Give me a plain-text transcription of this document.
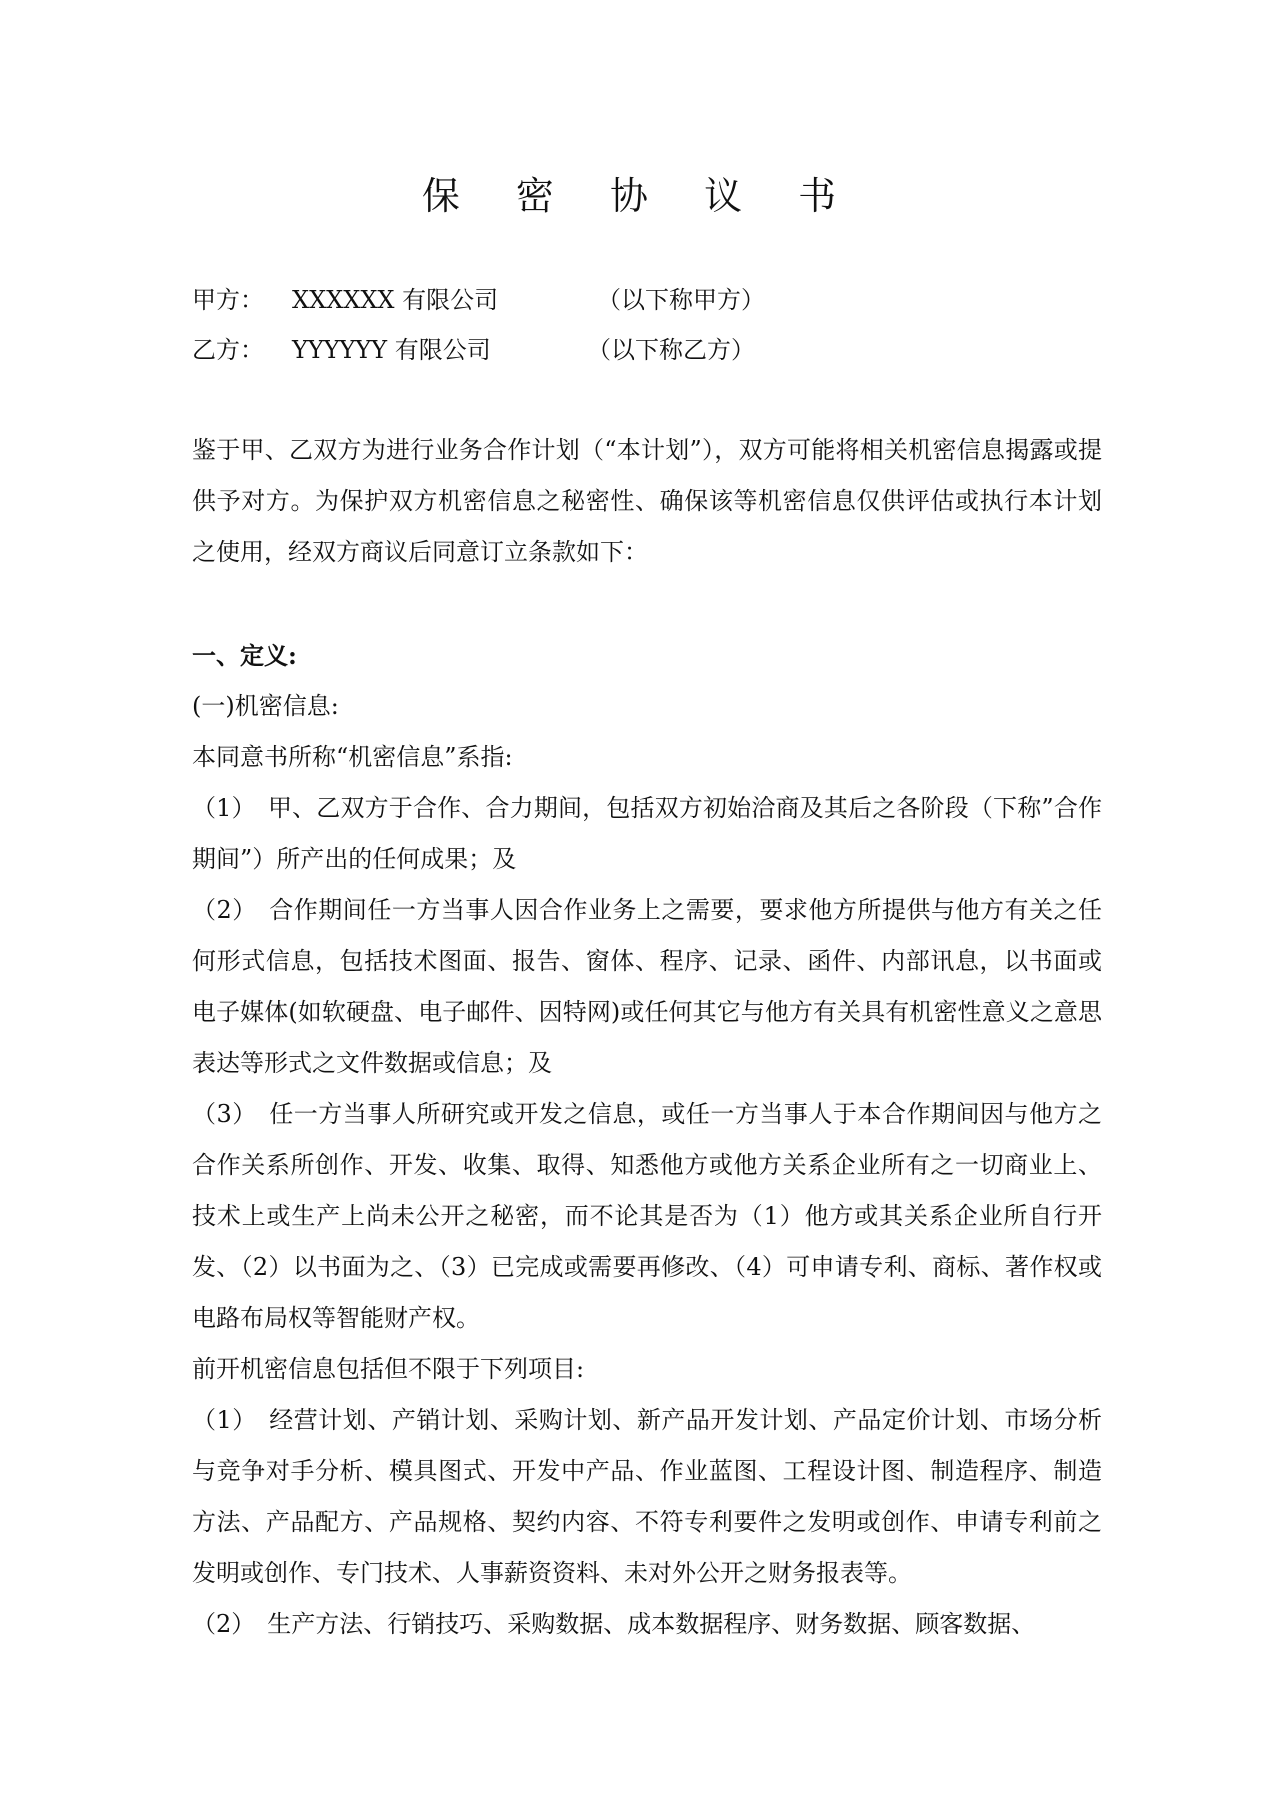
保 密 协 议 书
甲方： XXXXXX 有限公司	（以下称甲方）
乙方： YYYYYY 有限公司	（以下称乙方）

鉴于甲、乙双方为进行业务合作计划（“本计划”），双方可能将相关机密信息揭露或提供予对方。为保护双方机密信息之秘密性、确保该等机密信息仅供评估或执行本计划之使用，经双方商议后同意订立条款如下：

一、定义:

(一)机密信息:

本同意书所称“机密信息”系指:

（1）　甲、乙双方于合作、合力期间，包括双方初始洽商及其后之各阶段（下称”合作期间”）所产出的任何成果；及

（2）　合作期间任一方当事人因合作业务上之需要，要求他方所提供与他方有关之任何形式信息，包括技术图面、报告、窗体、程序、记录、函件、内部讯息，以书面或电子媒体(如软硬盘、电子邮件、因特网)或任何其它与他方有关具有机密性意义之意思表达等形式之文件数据或信息；及

（3）　任一方当事人所研究或开发之信息，或任一方当事人于本合作期间因与他方之合作关系所创作、开发、收集、取得、知悉他方或他方关系企业所有之一切商业上、技术上或生产上尚未公开之秘密，而不论其是否为（1）他方或其关系企业所自行开发、（2）以书面为之、（3）已完成或需要再修改、（4）可申请专利、商标、著作权或电路布局权等智能财产权。

前开机密信息包括但不限于下列项目:

（1）　经营计划、产销计划、采购计划、新产品开发计划、产品定价计划、市场分析与竞争对手分析、模具图式、开发中产品、作业蓝图、工程设计图、制造程序、制造方法、产品配方、产品规格、契约内容、不符专利要件之发明或创作、申请专利前之发明或创作、专门技术、人事薪资资料、未对外公开之财务报表等。

（2）　生产方法、行销技巧、采购数据、成本数据程序、财务数据、顾客数据、
